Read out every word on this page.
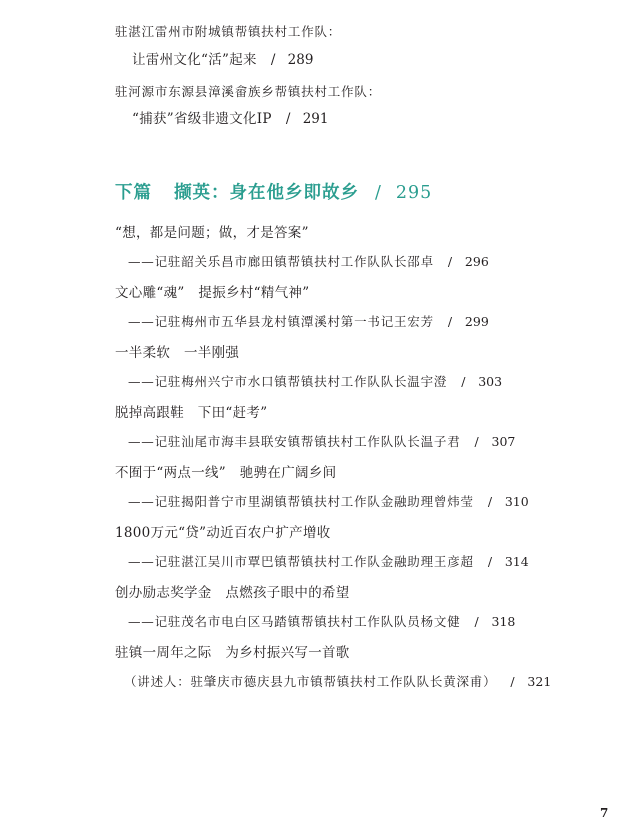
驻湛江雷州市附城镇帮镇扶村工作队：
让雷州文化“活”起来 / 289
驻河源市东源县漳溪畲族乡帮镇扶村工作队：
“捕获”省级非遗文化IP / 291
下篇 撷英：身在他乡即故乡 / 295
“想，都是问题；做，才是答案”
——记驻韶关乐昌市廊田镇帮镇扶村工作队队长邵卓 / 296
文心雕“魂”　提振乡村“精气神”
——记驻梅州市五华县龙村镇潭溪村第一书记王宏芳 / 299
一半柔软　一半刚强
——记驻梅州兴宁市水口镇帮镇扶村工作队队长温宇澄 / 303
脱掉高跟鞋　下田“赶考”
——记驻汕尾市海丰县联安镇帮镇扶村工作队队长温子君 / 307
不囿于“两点一线”　驰骋在广阔乡间
——记驻揭阳普宁市里湖镇帮镇扶村工作队金融助理曾炜莹 / 310
1800万元“贷”动近百农户扩产增收
——记驻湛江吴川市覃巴镇帮镇扶村工作队金融助理王彦超 / 314
创办励志奖学金　点燃孩子眼中的希望
——记驻茂名市电白区马踏镇帮镇扶村工作队队员杨文健 / 318
驻镇一周年之际　为乡村振兴写一首歌
（讲述人：驻肇庆市德庆县九市镇帮镇扶村工作队队长黄深甫） / 321
7
